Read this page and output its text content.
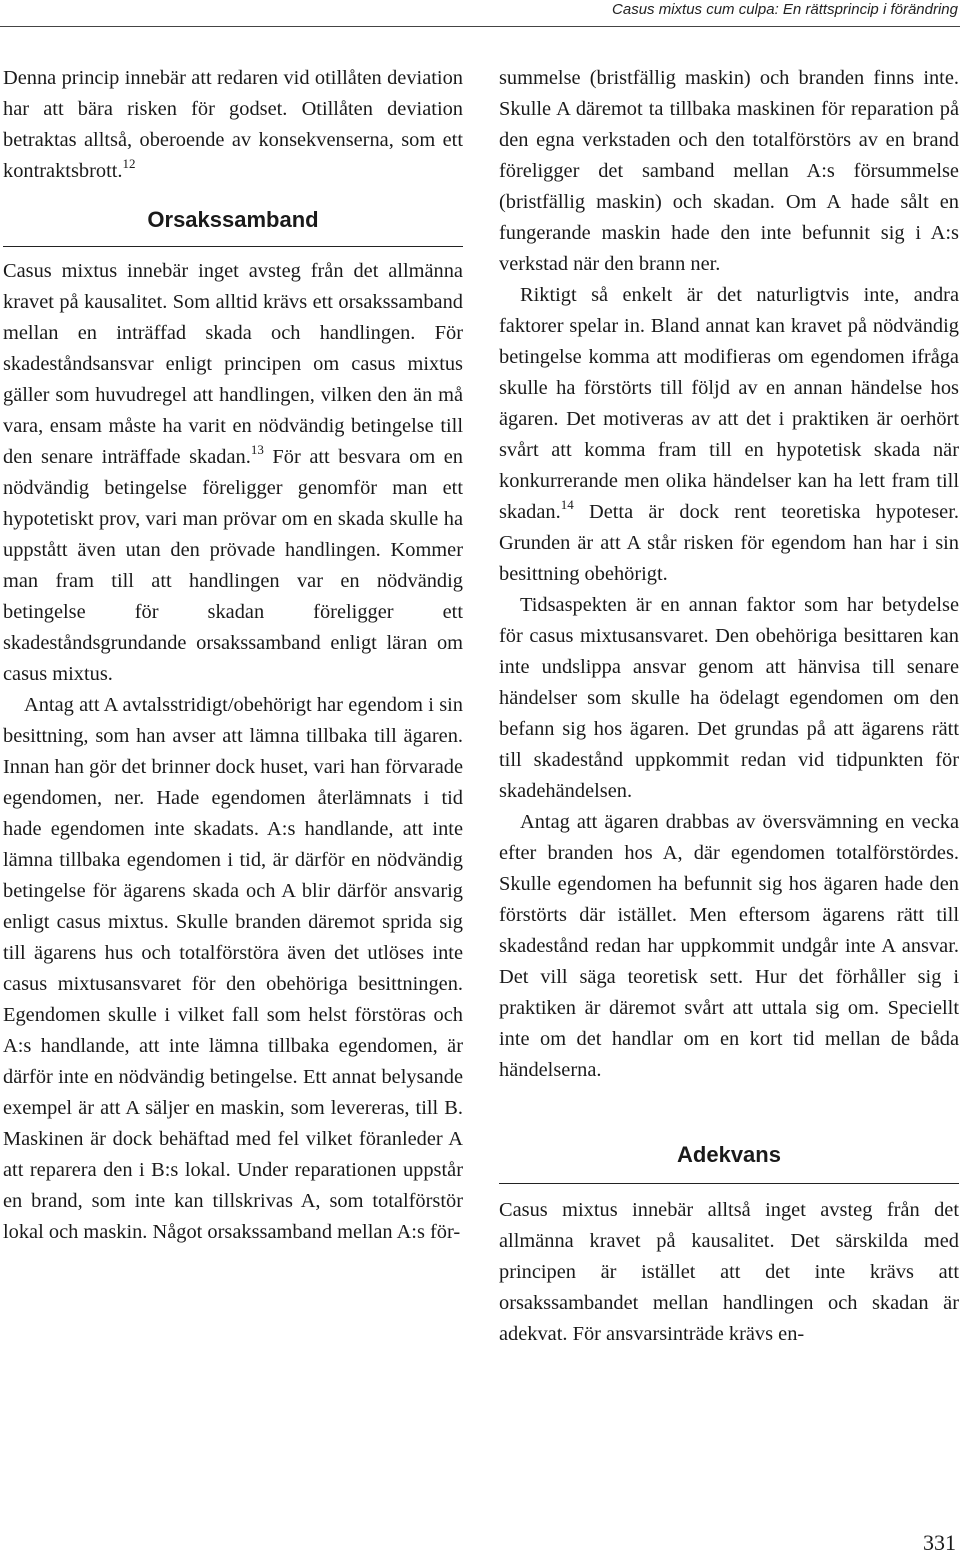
Casus mixtus cum culpa: En rättsprincip i förändring

Denna princip innebär att redaren vid otillåten deviation har att bära risken för godset. Otillåten deviation betraktas alltså, oberoende av konsekvenserna, som ett kontraktsbrott.$^{12}$

Orsakssamband

Casus mixtus innebär inget avsteg från det allmänna kravet på kausalitet. Som alltid krävs ett orsakssamband mellan en inträffad skada och handlingen. För skadeståndsansvar enligt principen om casus mixtus gäller som huvudregel att handlingen, vilken den än må vara, ensam måste ha varit en nödvändig betingelse till den senare inträffade skadan.$^{13}$ För att besvara om en nödvändig betingelse föreligger genomför man ett hypotetiskt prov, vari man prövar om en skada skulle ha uppstått även utan den prövade handlingen. Kommer man fram till att handlingen var en nödvändig betingelse för skadan föreligger ett skadeståndsgrundande orsakssamband enligt läran om casus mixtus.

Antag att A avtalsstridigt/obehörigt har egendom i sin besittning, som han avser att lämna tillbaka till ägaren. Innan han gör det brinner dock huset, vari han förvarade egendomen, ner. Hade egendomen återlämnats i tid hade egendomen inte skadats. A:s handlande, att inte lämna tillbaka egendomen i tid, är därför en nödvändig betingelse för ägarens skada och A blir därför ansvarig enligt casus mixtus. Skulle branden däremot sprida sig till ägarens hus och totalförstöra även det utlöses inte casus mixtusansvaret för den obehöriga besittningen. Egendomen skulle i vilket fall som helst förstöras och A:s handlande, att inte lämna tillbaka egendomen, är därför inte en nödvändig betingelse. Ett annat belysande exempel är att A säljer en maskin, som levereras, till B. Maskinen är dock behäftad med fel vilket föranleder A att reparera den i B:s lokal. Under reparationen uppstår en brand, som inte kan tillskrivas A, som totalförstör lokal och maskin. Något orsakssamband mellan A:s för-

summelse (bristfällig maskin) och branden finns inte. Skulle A däremot ta tillbaka maskinen för reparation på den egna verkstaden och den totalförstörs av en brand föreligger det samband mellan A:s försummelse (bristfällig maskin) och skadan. Om A hade sålt en fungerande maskin hade den inte befunnit sig i A:s verkstad när den brann ner.

Riktigt så enkelt är det naturligtvis inte, andra faktorer spelar in. Bland annat kan kravet på nödvändig betingelse komma att modifieras om egendomen ifråga skulle ha förstörts till följd av en annan händelse hos ägaren. Det motiveras av att det i praktiken är oerhört svårt att komma fram till en hypotetisk skada när konkurrerande men olika händelser kan ha lett fram till skadan.$^{14}$ Detta är dock rent teoretiska hypoteser. Grunden är att A står risken för egendom han har i sin besittning obehörigt.

Tidsaspekten är en annan faktor som har betydelse för casus mixtusansvaret. Den obehöriga besittaren kan inte undslippa ansvar genom att hänvisa till senare händelser som skulle ha ödelagt egendomen om den befann sig hos ägaren. Det grundas på att ägarens rätt till skadestånd uppkommit redan vid tidpunkten för skadehändelsen.

Antag att ägaren drabbas av översvämning en vecka efter branden hos A, där egendomen totalförstördes. Skulle egendomen ha befunnit sig hos ägaren hade den förstörts där istället. Men eftersom ägarens rätt till skadestånd redan har uppkommit undgår inte A ansvar. Det vill säga teoretisk sett. Hur det förhåller sig i praktiken är däremot svårt att uttala sig om. Speciellt inte om det handlar om en kort tid mellan de båda händelserna.

Adekvans

Casus mixtus innebär alltså inget avsteg från det allmänna kravet på kausalitet. Det särskilda med principen är istället att det inte krävs att orsakssambandet mellan handlingen och skadan är adekvat. För ansvarsinträde krävs en-

331
